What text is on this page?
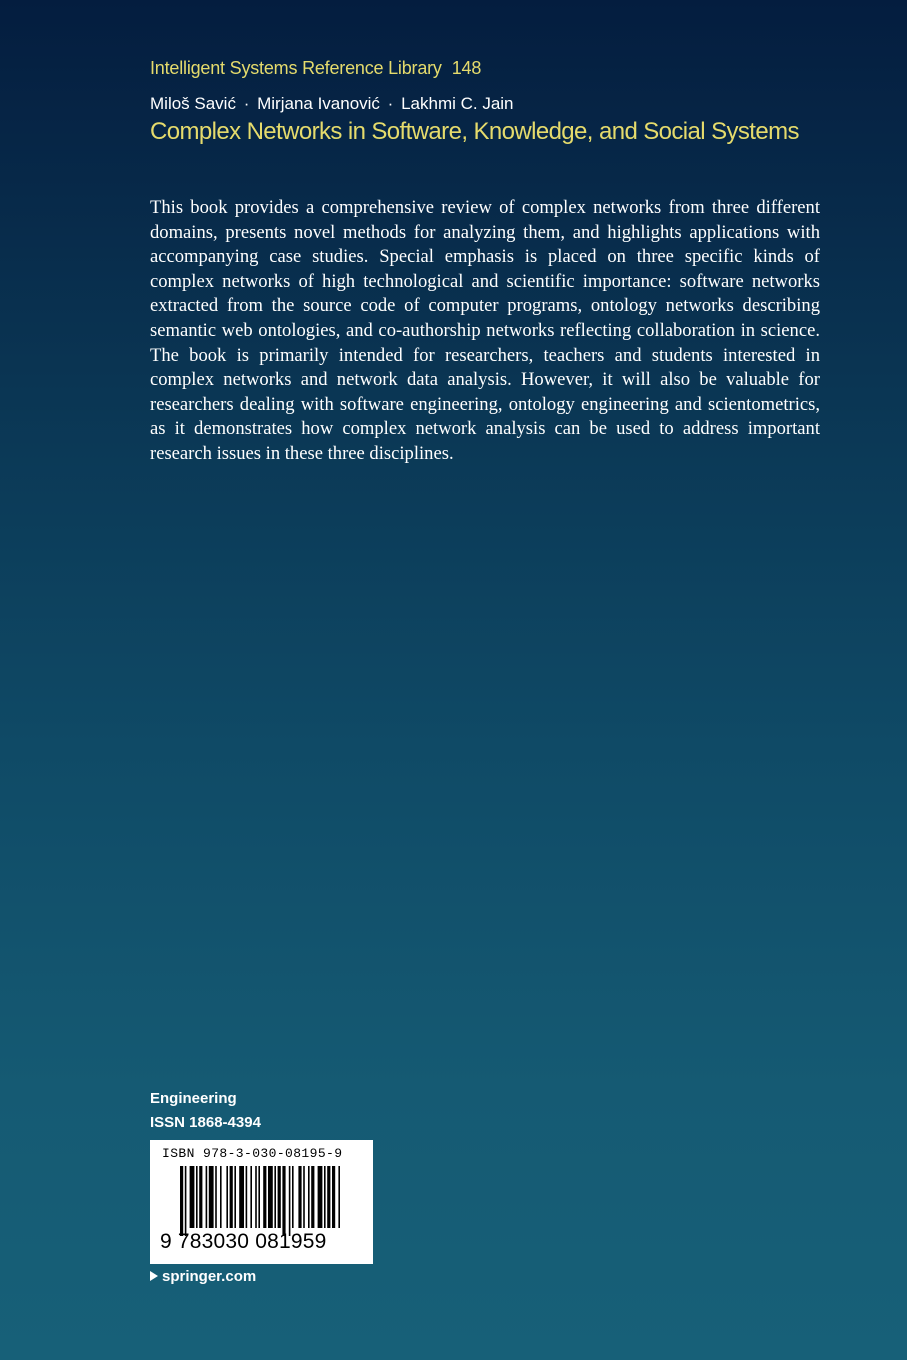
Intelligent Systems Reference Library 148
Miloš Savić · Mirjana Ivanović · Lakhmi C. Jain
Complex Networks in Software, Knowledge, and Social Systems

This book provides a comprehensive review of complex networks from three different domains, presents novel methods for analyzing them, and highlights applications with accompanying case studies. Special emphasis is placed on three specific kinds of complex networks of high technological and scientific importance: software networks extracted from the source code of computer programs, ontology networks describing semantic web ontologies, and co-authorship networks reflecting collaboration in science. The book is primarily intended for researchers, teachers and students interested in complex networks and network data analysis. However, it will also be valuable for researchers dealing with software engineering, ontology engineering and scientometrics, as it demonstrates how complex network analysis can be used to address important research issues in these three disciplines.

Engineering
ISSN 1868-4394
ISBN 978-3-030-08195-9
9 783030 081959
springer.com
